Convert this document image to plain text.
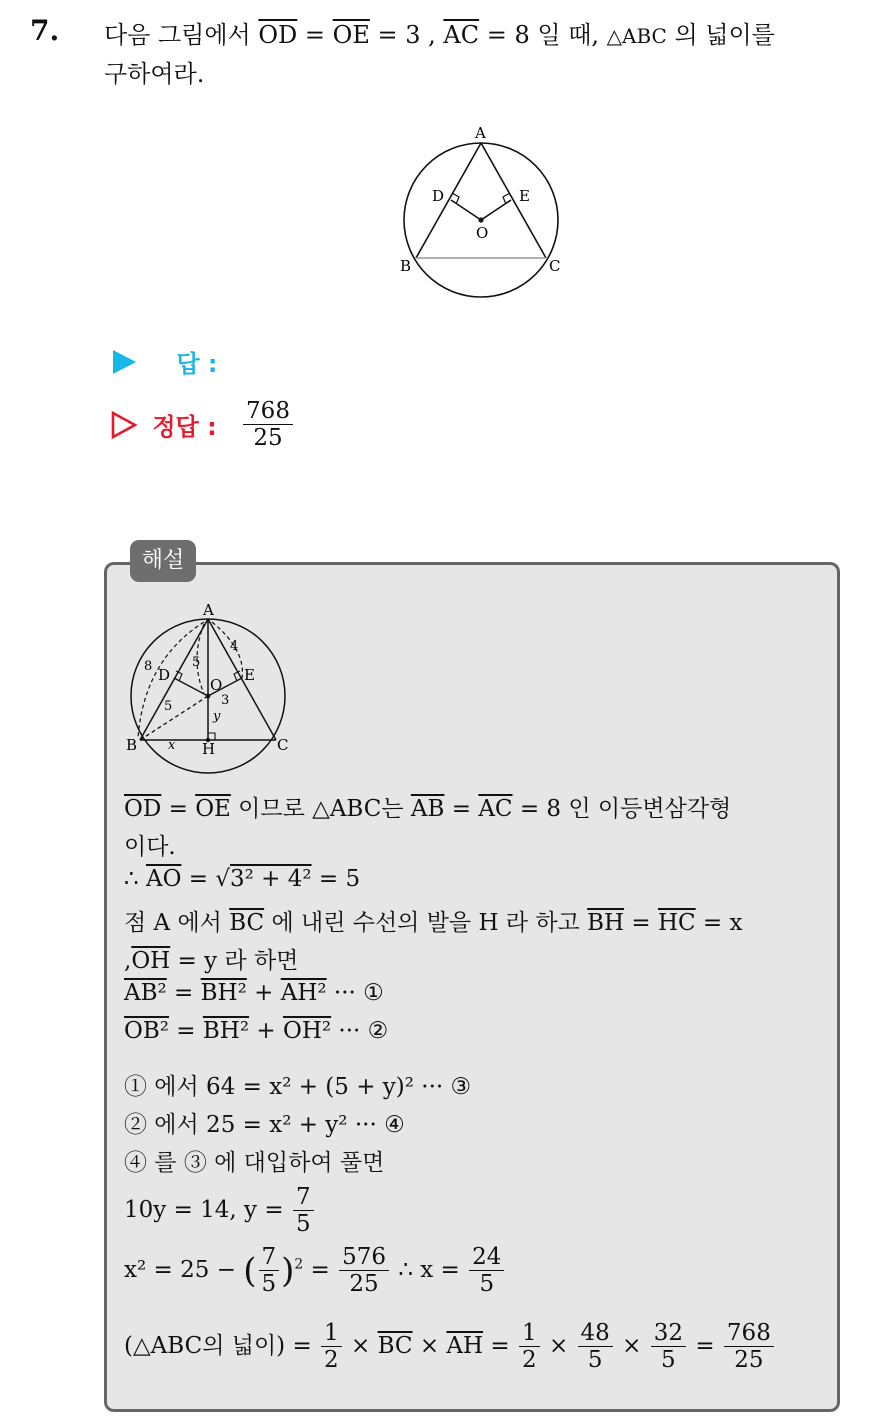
7. 다음 그림에서 $\overline{OD} = \overline{OE} = 3$ , $\overline{AC} = 8$ 일 때, △ABC 의 넓이를
구하여라.
A
B	C
D	E
O
답 :
정답 : $\frac{768}{25}$
해설
A
B	C
D	E
O
H
8	5
4
3
5
x
y
$\overline{OD} = \overline{OE}$ 이므로 △ABC는 $\overline{AB} = \overline{AC} = 8$ 인 이등변삼각형
이다.
∴ $\overline{AO} = √3^2 + 4^2 = 5$
점 A 에서 $\overline{BC}$ 에 내린 수선의 발을 H 라 하고 $\overline{BH} = \overline{HC} = x$
$,\overline{OH} = y$ 라 하면
AB² = BH² + AH² ··· ①
OB² = BH² + OH² ··· ②
① 에서 64 = x² + (5 + y)² ··· ③
② 에서 25 = x² + y² ··· ④
④ 를 ③ 에 대입하여 풀면
10y = 14, $y = \frac{7}{5}$
x² = 25 − ( $\frac{7}{5} )^2 = \frac{576}{25}$ ∴ $x = \frac{24}{5}$
(△ABC의 넓이) = $\frac{1}{2} \times \overline{BC} \times \overline{AH} = \frac{1}{2} \times \frac{48}{5} \times \frac{32}{5} = \frac{768}{25}$
